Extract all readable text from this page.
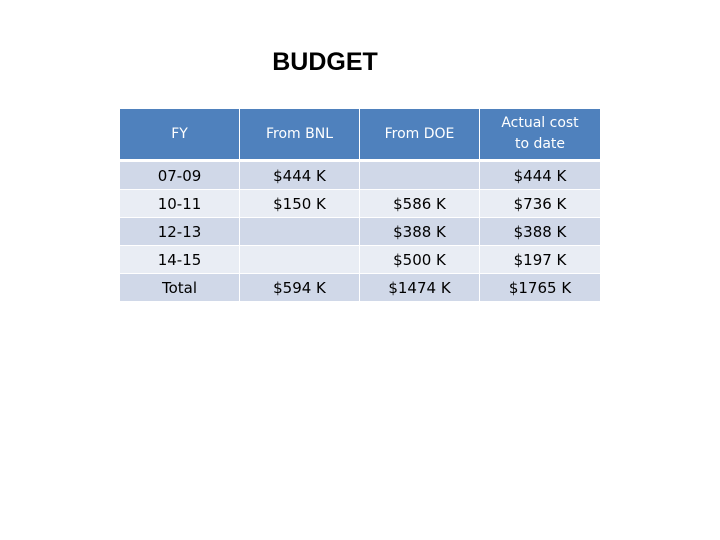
BUDGET
FY	From BNL	From DOE	Actual cost
to date
07-09	$444 K		$444 K
10-11	$150 K	$586 K	$736 K
12-13		$388 K	$388 K
14-15		$500 K	$197 K
Total	$594 K	$1474 K	$1765 K
